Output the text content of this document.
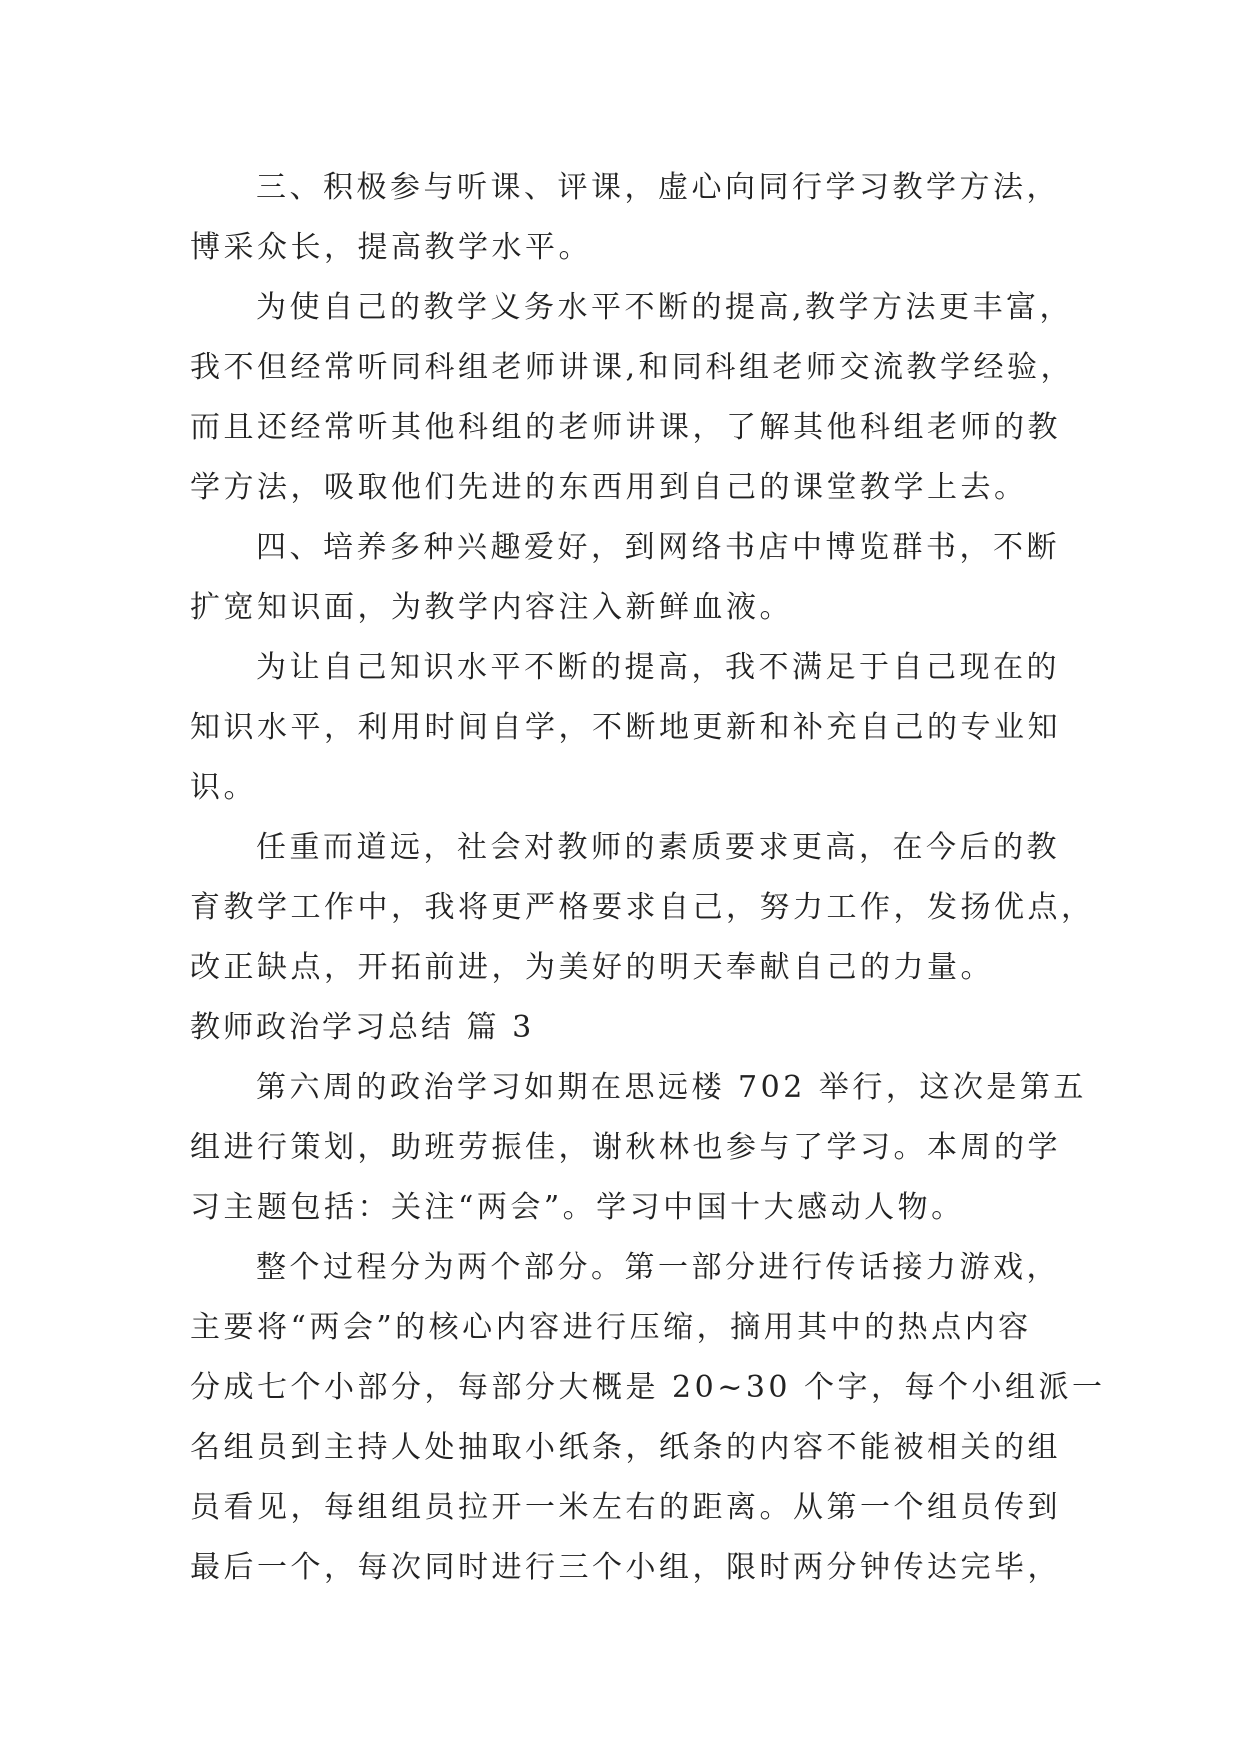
三、积极参与听课、评课，虚心向同行学习教学方法，
博采众长，提高教学水平。
为使自己的教学义务水平不断的提高,教学方法更丰富，
我不但经常听同科组老师讲课,和同科组老师交流教学经验，
而且还经常听其他科组的老师讲课，了解其他科组老师的教
学方法，吸取他们先进的东西用到自己的课堂教学上去。
四、培养多种兴趣爱好，到网络书店中博览群书，不断
扩宽知识面，为教学内容注入新鲜血液。
为让自己知识水平不断的提高，我不满足于自己现在的
知识水平，利用时间自学，不断地更新和补充自己的专业知
识。
任重而道远，社会对教师的素质要求更高，在今后的教
育教学工作中，我将更严格要求自己，努力工作，发扬优点，
改正缺点，开拓前进，为美好的明天奉献自己的力量。
教师政治学习总结 篇 3
第六周的政治学习如期在思远楼 702 举行，这次是第五
组进行策划，助班劳振佳，谢秋林也参与了学习。本周的学
习主题包括：关注“两会”。学习中国十大感动人物。
整个过程分为两个部分。第一部分进行传话接力游戏，
主要将“两会”的核心内容进行压缩，摘用其中的热点内容
分成七个小部分，每部分大概是 20~30 个字，每个小组派一
名组员到主持人处抽取小纸条，纸条的内容不能被相关的组
员看见，每组组员拉开一米左右的距离。从第一个组员传到
最后一个，每次同时进行三个小组，限时两分钟传达完毕，
